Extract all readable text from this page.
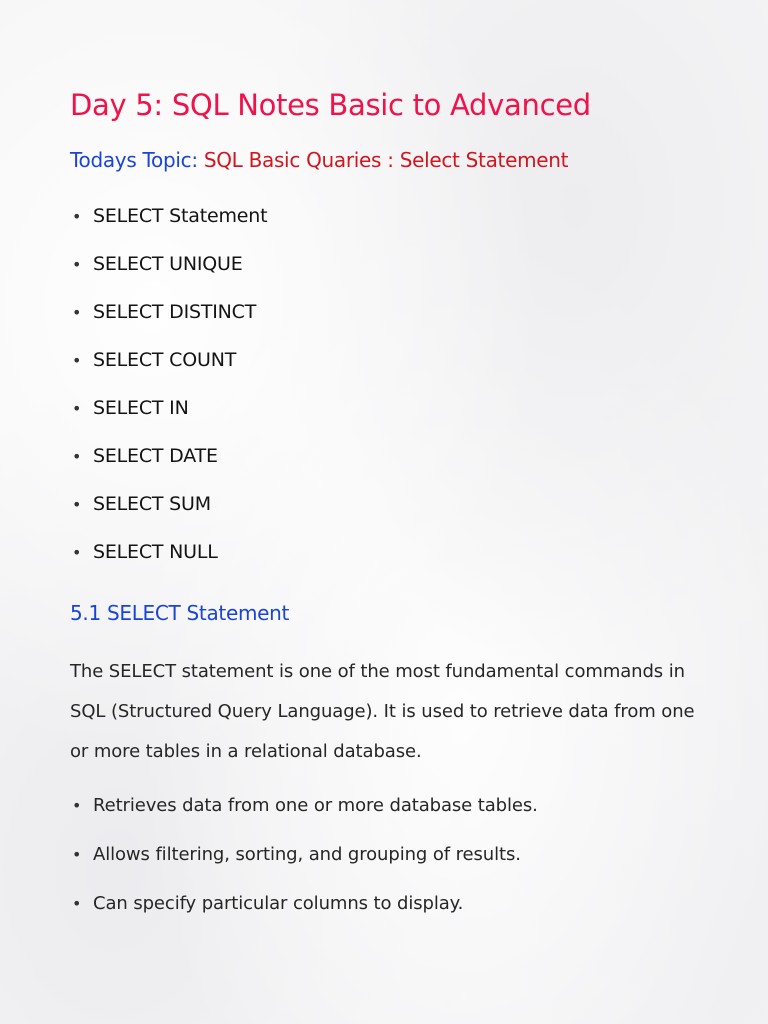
Day 5: SQL Notes Basic to Advanced

Todays Topic: SQL Basic Quaries : Select Statement

• SELECT Statement
• SELECT UNIQUE
• SELECT DISTINCT
• SELECT COUNT
• SELECT IN
• SELECT DATE
• SELECT SUM
• SELECT NULL
5.1 SELECT Statement

The SELECT statement is one of the most fundamental commands in SQL (Structured Query Language). It is used to retrieve data from one or more tables in a relational database.

• Retrieves data from one or more database tables.
• Allows filtering, sorting, and grouping of results.
• Can specify particular columns to display.
